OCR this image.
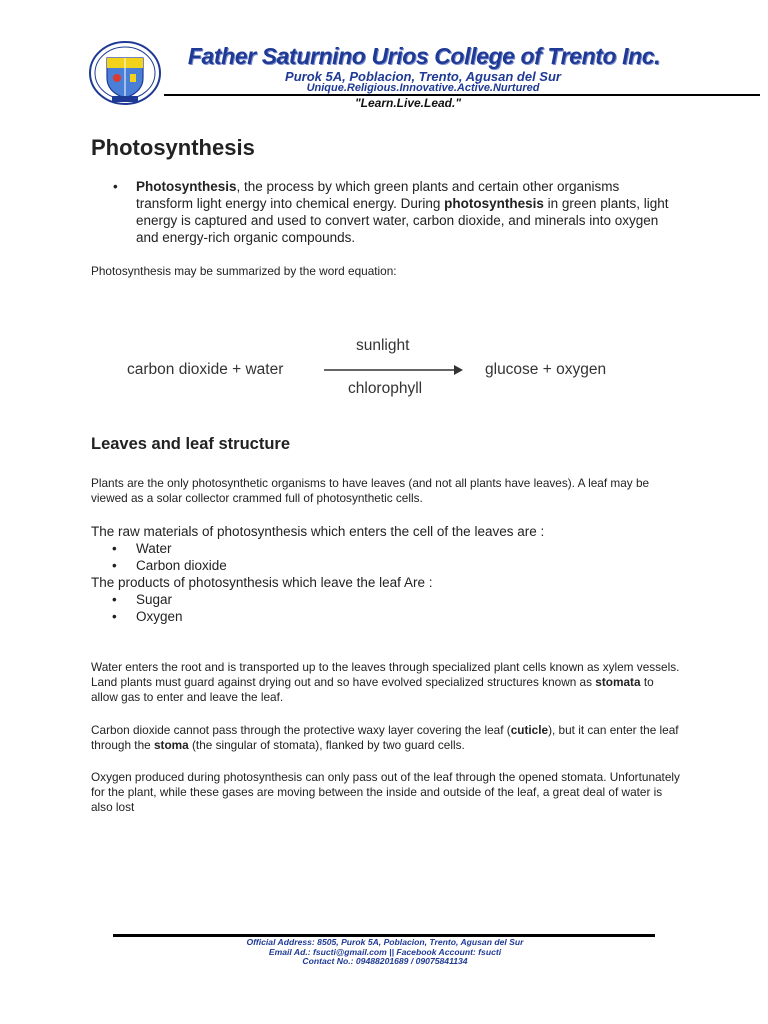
Father Saturnino Urios College of Trento Inc.
Purok 5A, Poblacion, Trento, Agusan del Sur
Unique.Religious.Innovative.Active.Nurtured
"Learn.Live.Lead."
Photosynthesis
• Photosynthesis, the process by which green plants and certain other organisms transform light energy into chemical energy. During photosynthesis in green plants, light energy is captured and used to convert water, carbon dioxide, and minerals into oxygen and energy-rich organic compounds.
Photosynthesis may be summarized by the word equation:
carbon dioxide + water
sunlight
chlorophyll
glucose + oxygen
Leaves and leaf structure
Plants are the only photosynthetic organisms to have leaves (and not all plants have leaves). A leaf may be viewed as a solar collector crammed full of photosynthetic cells.

The raw materials of photosynthesis which enters the cell of the leaves are :

• Water
• Carbon dioxide

The products of photosynthesis which leave the leaf Are :

• Sugar
• Oxygen
Water enters the root and is transported up to the leaves through specialized plant cells known as xylem vessels. Land plants must guard against drying out and so have evolved specialized structures known as stomata to allow gas to enter and leave the leaf.
Carbon dioxide cannot pass through the protective waxy layer covering the leaf (cuticle), but it can enter the leaf through the stoma (the singular of stomata), flanked by two guard cells.
Oxygen produced during photosynthesis can only pass out of the leaf through the opened stomata. Unfortunately for the plant, while these gases are moving between the inside and outside of the leaf, a great deal of water is also lost
Official Address: 8505, Purok 5A, Poblacion, Trento, Agusan del Sur
Email Ad.: fsucti@gmail.com || Facebook Account: fsucti
Contact No.: 09488201689 / 09075841134
